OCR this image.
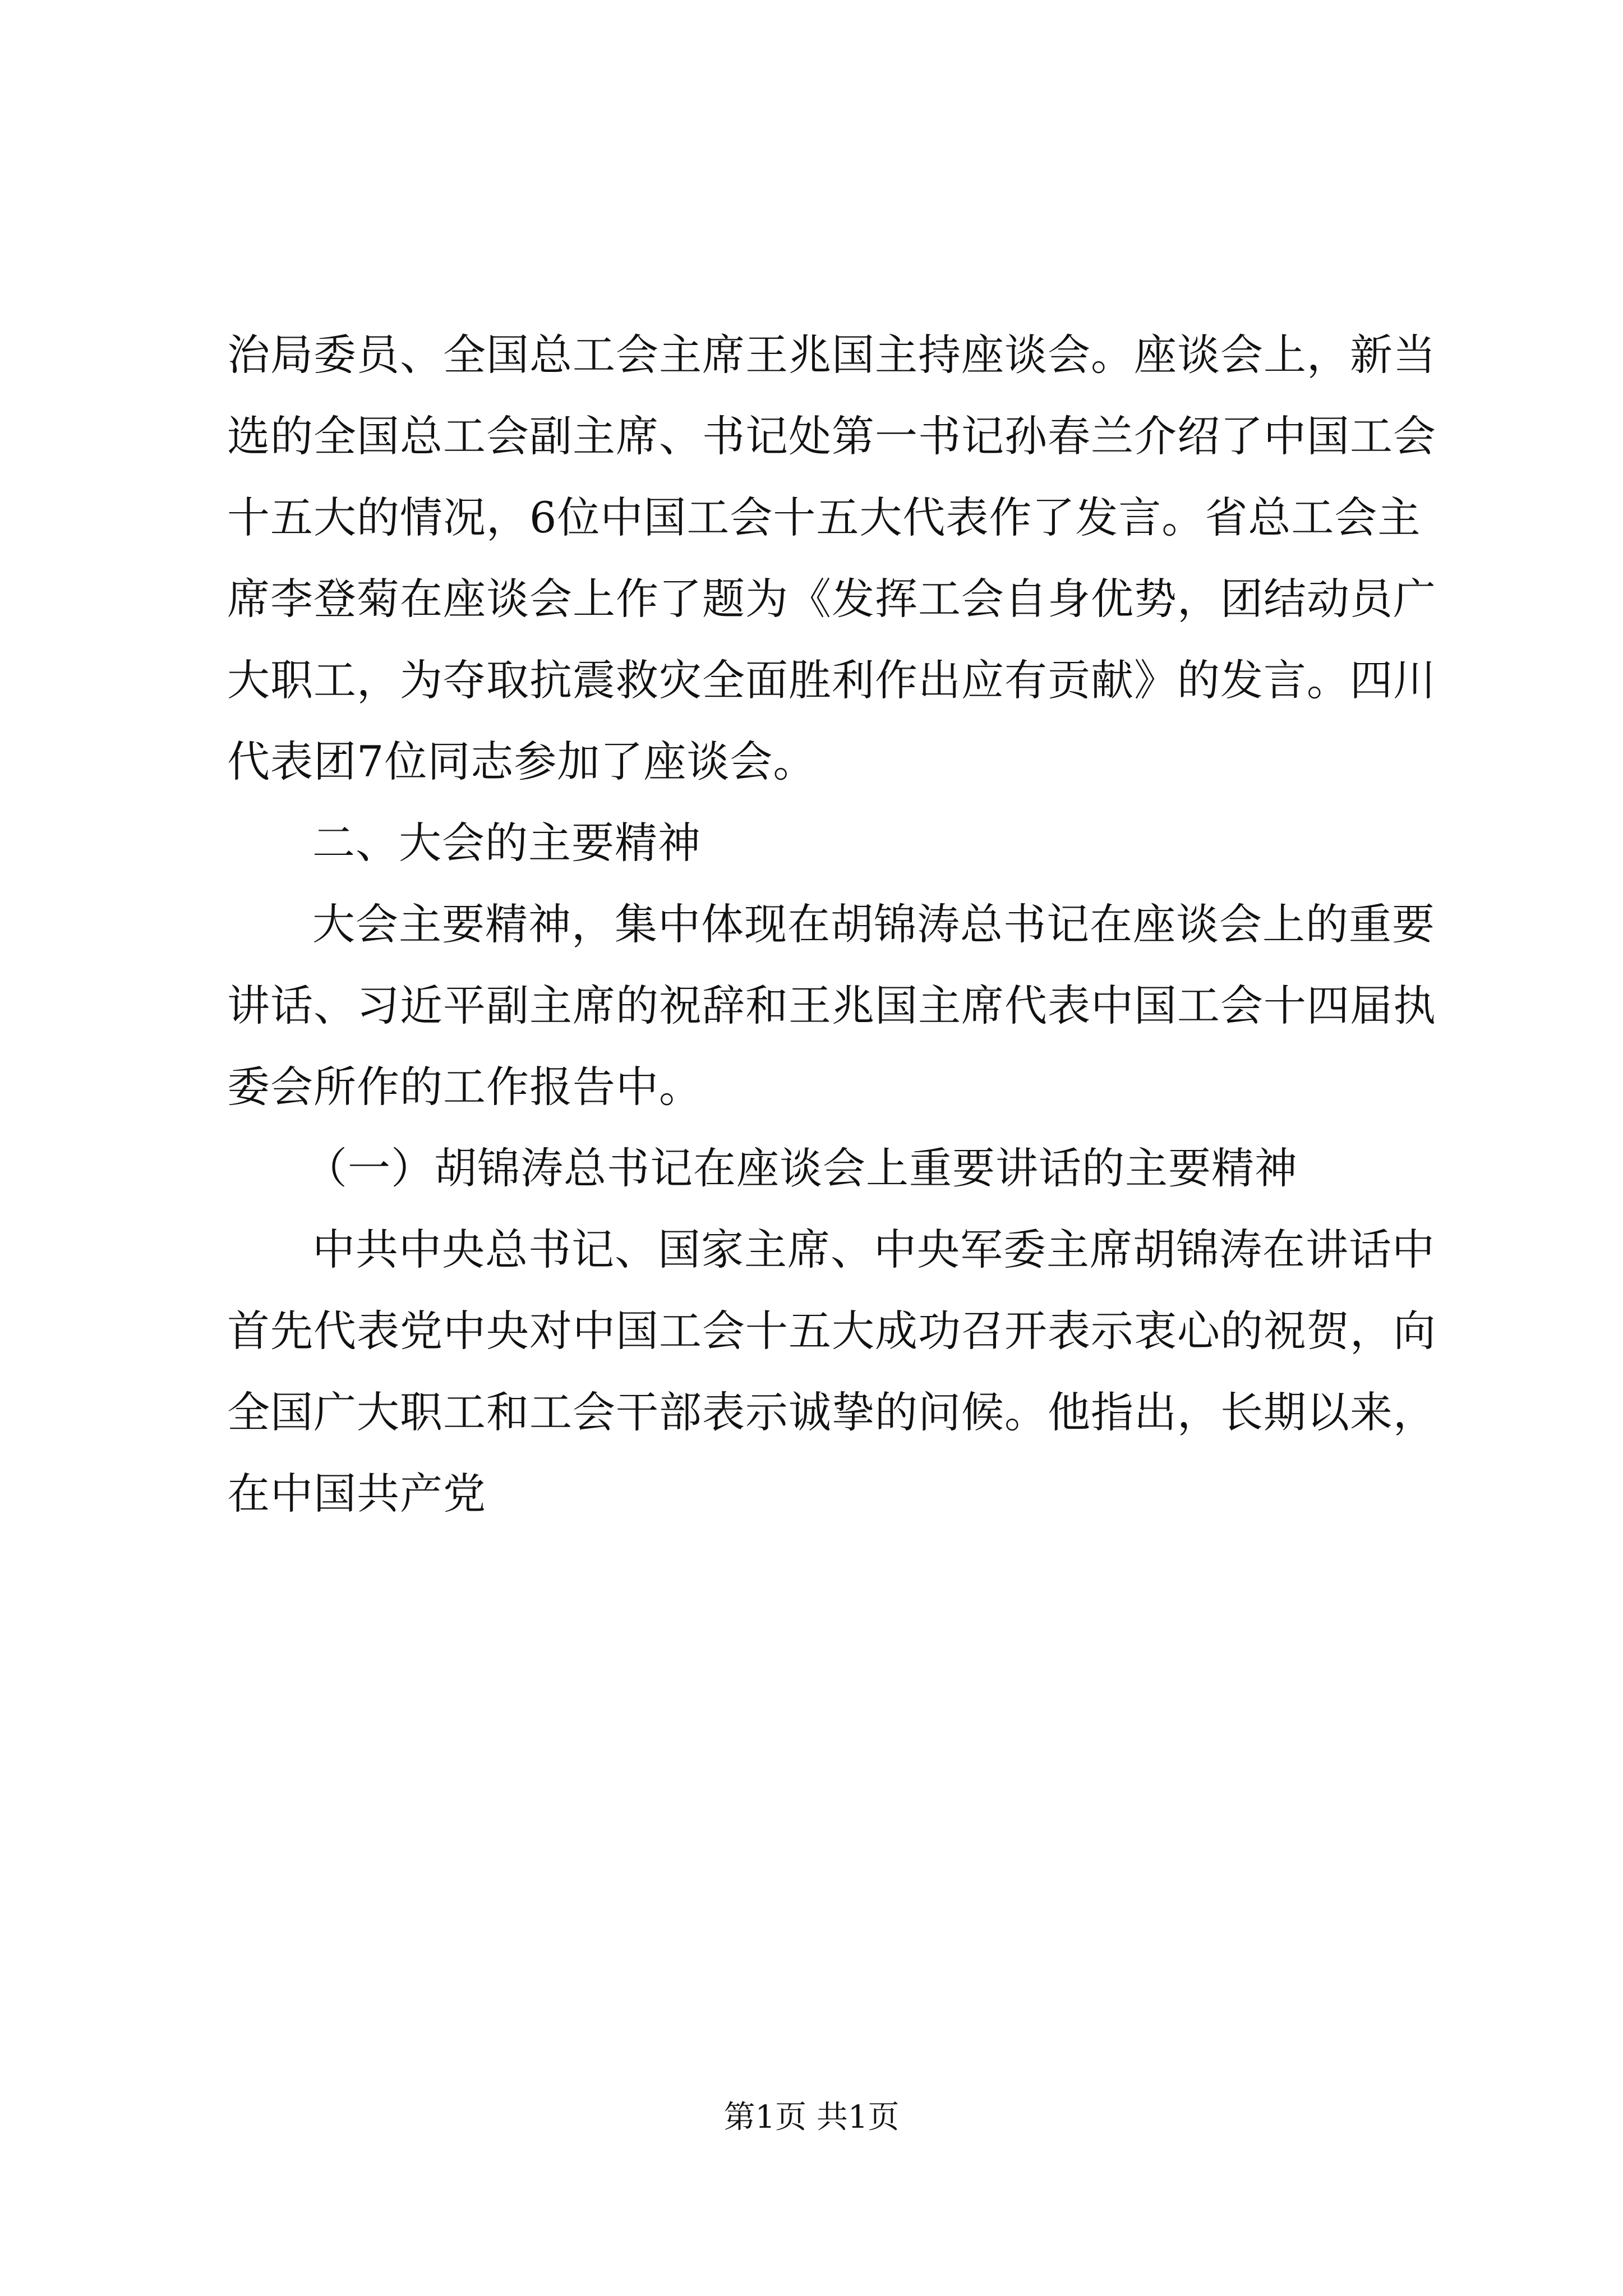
治局委员、全国总工会主席王兆国主持座谈会。座谈会上，新当
选的全国总工会副主席、书记处第一书记孙春兰介绍了中国工会
十五大的情况，6位中国工会十五大代表作了发言。省总工会主
席李登菊在座谈会上作了题为《发挥工会自身优势，团结动员广
大职工，为夺取抗震救灾全面胜利作出应有贡献》的发言。四川
代表团7位同志参加了座谈会。
二、大会的主要精神
大会主要精神，集中体现在胡锦涛总书记在座谈会上的重要
讲话、习近平副主席的祝辞和王兆国主席代表中国工会十四届执
委会所作的工作报告中。
（一）胡锦涛总书记在座谈会上重要讲话的主要精神
中共中央总书记、国家主席、中央军委主席胡锦涛在讲话中
首先代表党中央对中国工会十五大成功召开表示衷心的祝贺，向
全国广大职工和工会干部表示诚挚的问候。他指出，长期以来，
在中国共产党
第1页 共1页
